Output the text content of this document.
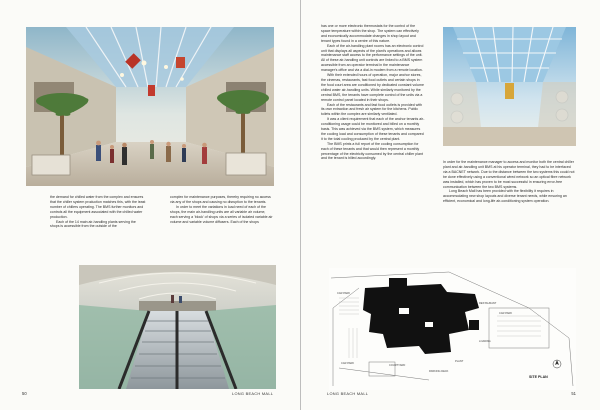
the demand for chilled water from the complex and ensures that the chiller system production matches this, with the least number of chillers operating. The BMS further monitors and controls all the equipment associated with the chilled water production.

Each of the 14 main air-handling plants serving the shops is accessible from the outside of the

complex for maintenance purposes, thereby requiring no access via any of the shops and causing no disruption to the tenants.

In order to meet the variations in load need of each of the shops, the main air-handling units are all variable air volume, each serving a 'block' of shops via a series of isolated variable air volume and variable volume diffusers. Each of the shops

50	LONG BEACH MALL

has one or more electronic thermostats for the control of the space temperature within the shop. The system can effectively and economically accommodate changes in shop layout and tenant types found in a centre of this nature.

Each of the air-handling plant rooms has an electronic control unit that displays all aspects of the plant's operations and allows maintenance staff access to the performance settings of the unit. All of these air-handling unit controls are linked to a BMS system accessible from an operator terminal in the maintenance manager's office and via a dial-in modem from a remote location.

With their extended hours of operation, major anchor stores, the cinemas, restaurants, fast food outlets and certain shops in the food court area are conditioned by dedicated constant volume chilled water air-handling units. While similarly monitored by the central BMS, the tenants have complete control of the units via a remote control panel located in their shops.

Each of the restaurants and fast food outlets is provided with its own extraction and fresh air system for the kitchens. Public toilets within the complex are similarly ventilated.

It was a client requirement that each of the anchor tenants air-conditioning usage could be monitored and billed on a monthly basis. This was achieved via the BMS system, which measures the cooling load and consumption of these tenants and compared it to the total cooling produced by the central plant.

The BMS prints a full report of the cooling consumption for each of these tenants and that would then represent a monthly percentage of the electricity consumed by the central chiller plant and the tenant is billed accordingly.

In order for the maintenance manager to access and monitor both the central chiller plant and air-handling unit BMS at his operator terminal, they had to be interfaced via a BACNET network. Due to the distance between the two systems this could not be done effectively using a conventional wired network so an optical fibre network was installed, which has proven to be most successful in ensuring error-free communication between the two BMS systems.

Long Beach Mall has been provided with the flexibility it requires in accommodating new shop layouts and diverse tenant needs, while ensuring an efficient, economical and long-life air-conditioning system operation.

CAR PARK
CAR PARK
RESTAURANT
COURTYARD
PLANT
CAR PARK
LOADING
PARKING DECK
SITE PLAN
LONG BEACH MALL	51
